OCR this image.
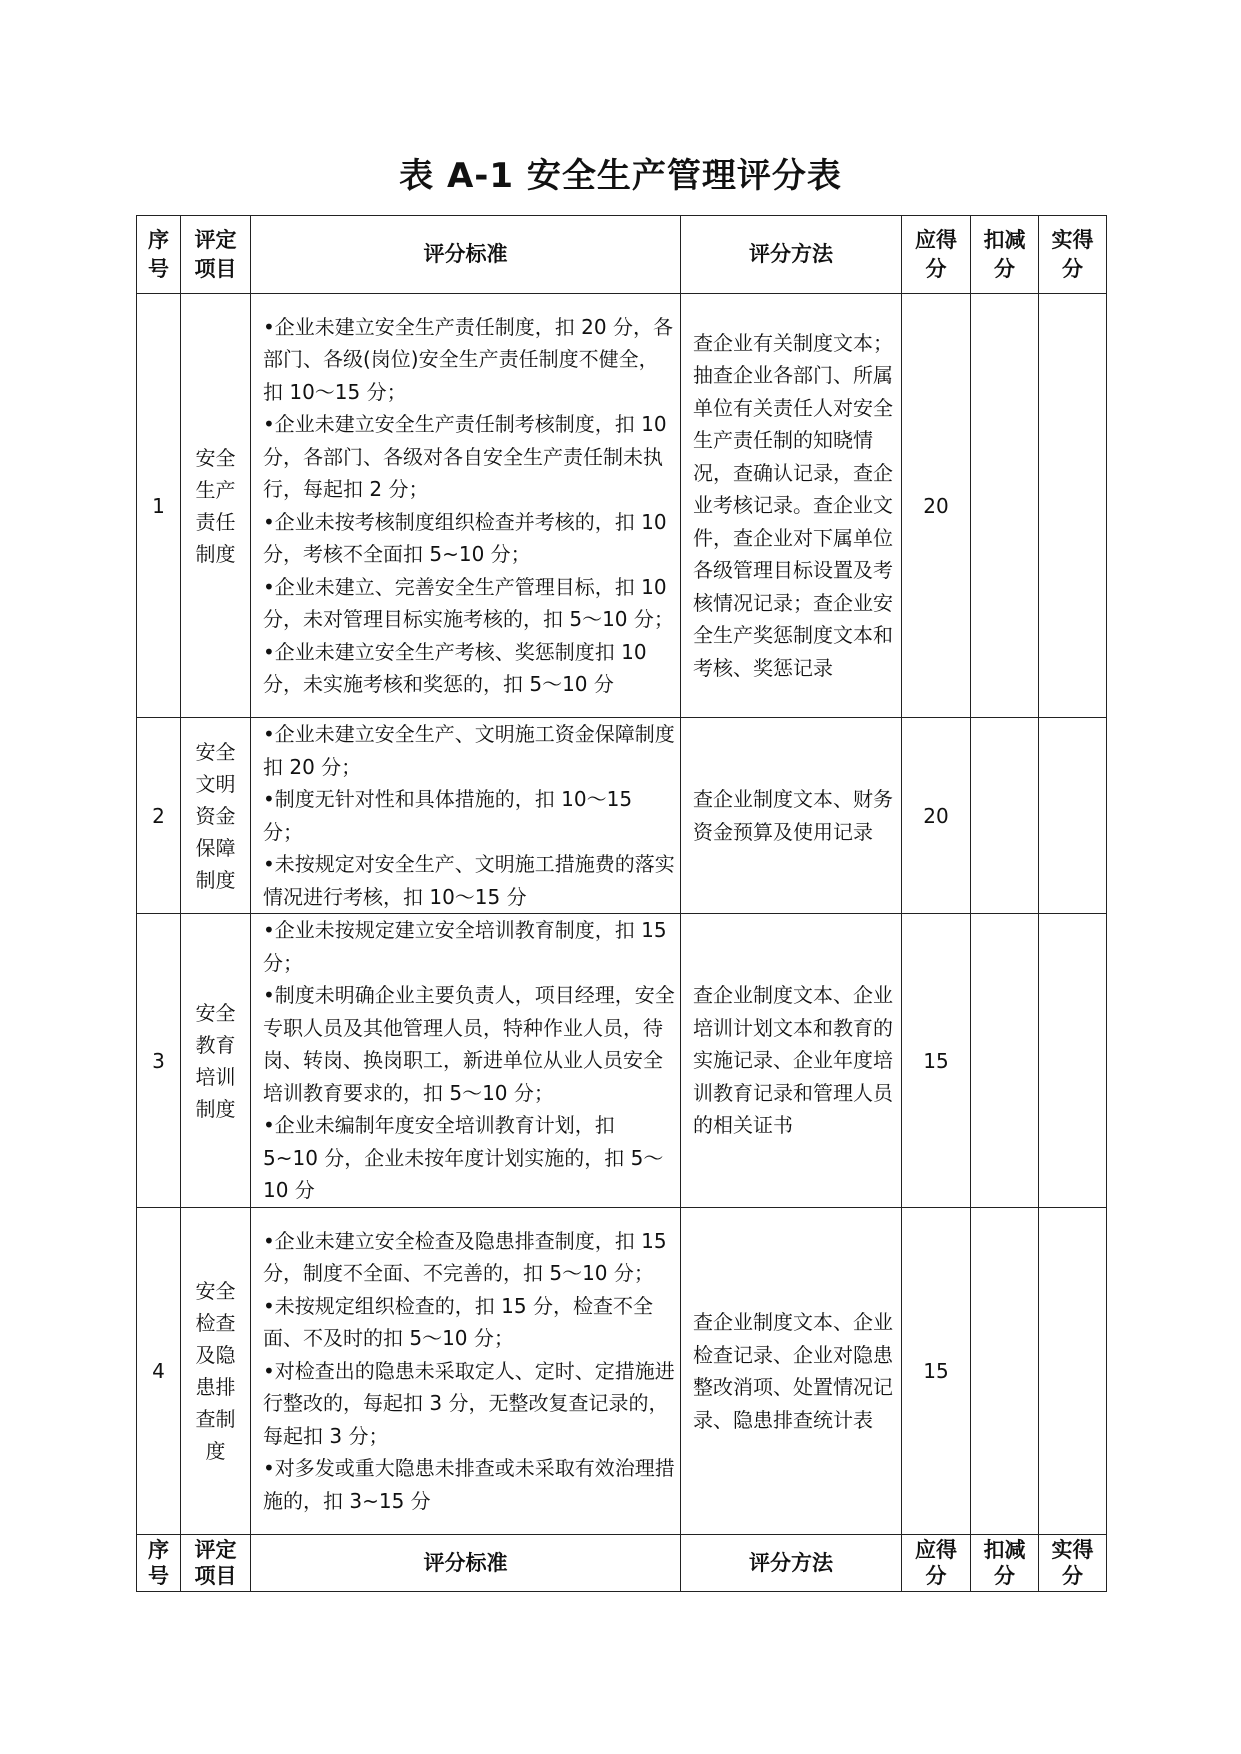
表 A-1 安全生产管理评分表
序号	评定项目	评分标准	评分方法	应得分	扣减分	实得分
1	安全生产责任制度	•企业未建立安全生产责任制度，扣 20 分，各部门、各级(岗位)安全生产责任制度不健全，扣 10～15 分；
•企业未建立安全生产责任制考核制度，扣 10 分，各部门、各级对各自安全生产责任制未执行，每起扣 2 分；
•企业未按考核制度组织检查并考核的，扣 10 分，考核不全面扣 5~10 分；
•企业未建立、完善安全生产管理目标，扣 10 分，未对管理目标实施考核的，扣 5～10 分；
•企业未建立安全生产考核、奖惩制度扣 10 分，未实施考核和奖惩的，扣 5～10 分	查企业有关制度文本；抽查企业各部门、所属单位有关责任人对安全生产责任制的知晓情况，查确认记录，查企业考核记录。查企业文件，查企业对下属单位各级管理目标设置及考核情况记录；查企业安全生产奖惩制度文本和考核、奖惩记录	20		
2	安全文明资金保障制度	•企业未建立安全生产、文明施工资金保障制度扣 20 分；
•制度无针对性和具体措施的，扣 10～15 分；
•未按规定对安全生产、文明施工措施费的落实情况进行考核，扣 10～15 分	查企业制度文本、财务资金预算及使用记录	20		
3	安全教育培训制度	•企业未按规定建立安全培训教育制度，扣 15 分；
•制度未明确企业主要负责人，项目经理，安全专职人员及其他管理人员，特种作业人员，待岗、转岗、换岗职工，新进单位从业人员安全培训教育要求的，扣 5～10 分；
•企业未编制年度安全培训教育计划，扣 5~10 分，企业未按年度计划实施的，扣 5～10 分	查企业制度文本、企业培训计划文本和教育的实施记录、企业年度培训教育记录和管理人员的相关证书	15		
4	安全检查及隐患排查制度	•企业未建立安全检查及隐患排查制度，扣 15 分，制度不全面、不完善的，扣 5～10 分；
•未按规定组织检查的，扣 15 分，检查不全面、不及时的扣 5～10 分；
•对检查出的隐患未采取定人、定时、定措施进行整改的，每起扣 3 分，无整改复查记录的，每起扣 3 分；
•对多发或重大隐患未排查或未采取有效治理措施的，扣 3~15 分	查企业制度文本、企业检查记录、企业对隐患整改消项、处置情况记录、隐患排查统计表	15		
序号	评定项目	评分标准	评分方法	应得分	扣减分	实得分
